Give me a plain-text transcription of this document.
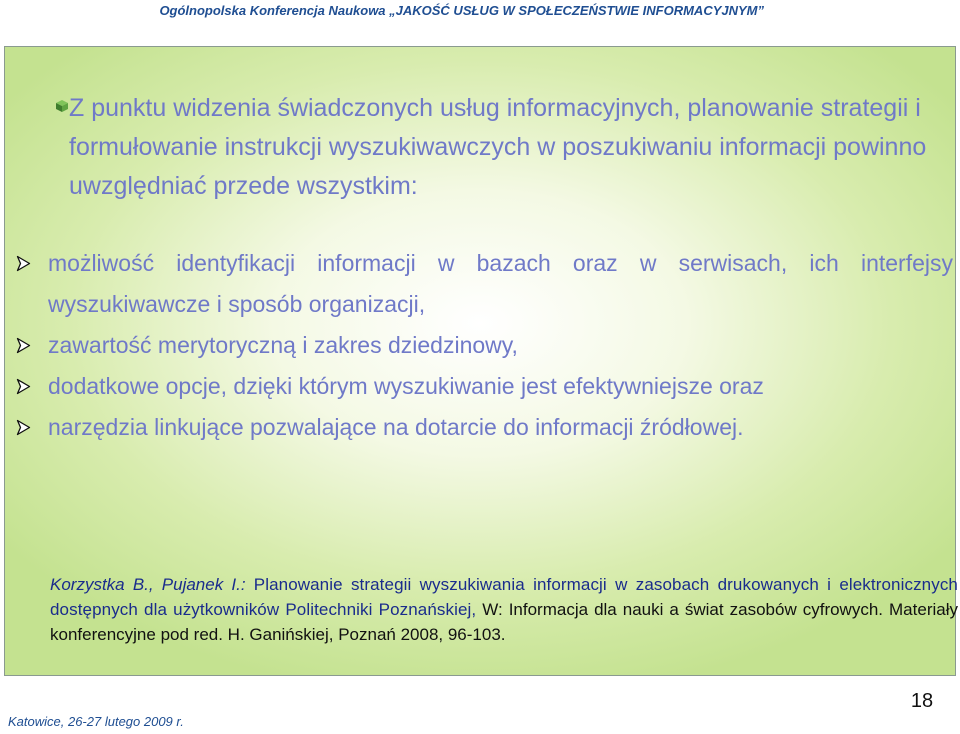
Ogólnopolska Konferencja Naukowa „JAKOŚĆ USŁUG W SPOŁECZEŃSTWIE INFORMACYJNYM”

Z punktu widzenia świadczonych usług informacyjnych, planowanie strategii i formułowanie instrukcji wyszukiwawczych w poszukiwaniu informacji powinno uwzględniać przede wszystkim:

możliwość identyfikacji informacji w bazach oraz w serwisach, ich interfejsy wyszukiwawcze i sposób organizacji,
zawartość merytoryczną i zakres dziedzinowy,
dodatkowe opcje, dzięki którym wyszukiwanie jest efektywniejsze oraz
narzędzia linkujące pozwalające na dotarcie do informacji źródłowej.
Korzystka B., Pujanek I.: Planowanie strategii wyszukiwania informacji w zasobach drukowanych i elektronicznych dostępnych dla użytkowników Politechniki Poznańskiej, W: Informacja dla nauki a świat zasobów cyfrowych. Materiały konferencyjne pod red. H. Ganińskiej, Poznań 2008, 96-103.
Katowice, 26-27 lutego 2009 r.
18
